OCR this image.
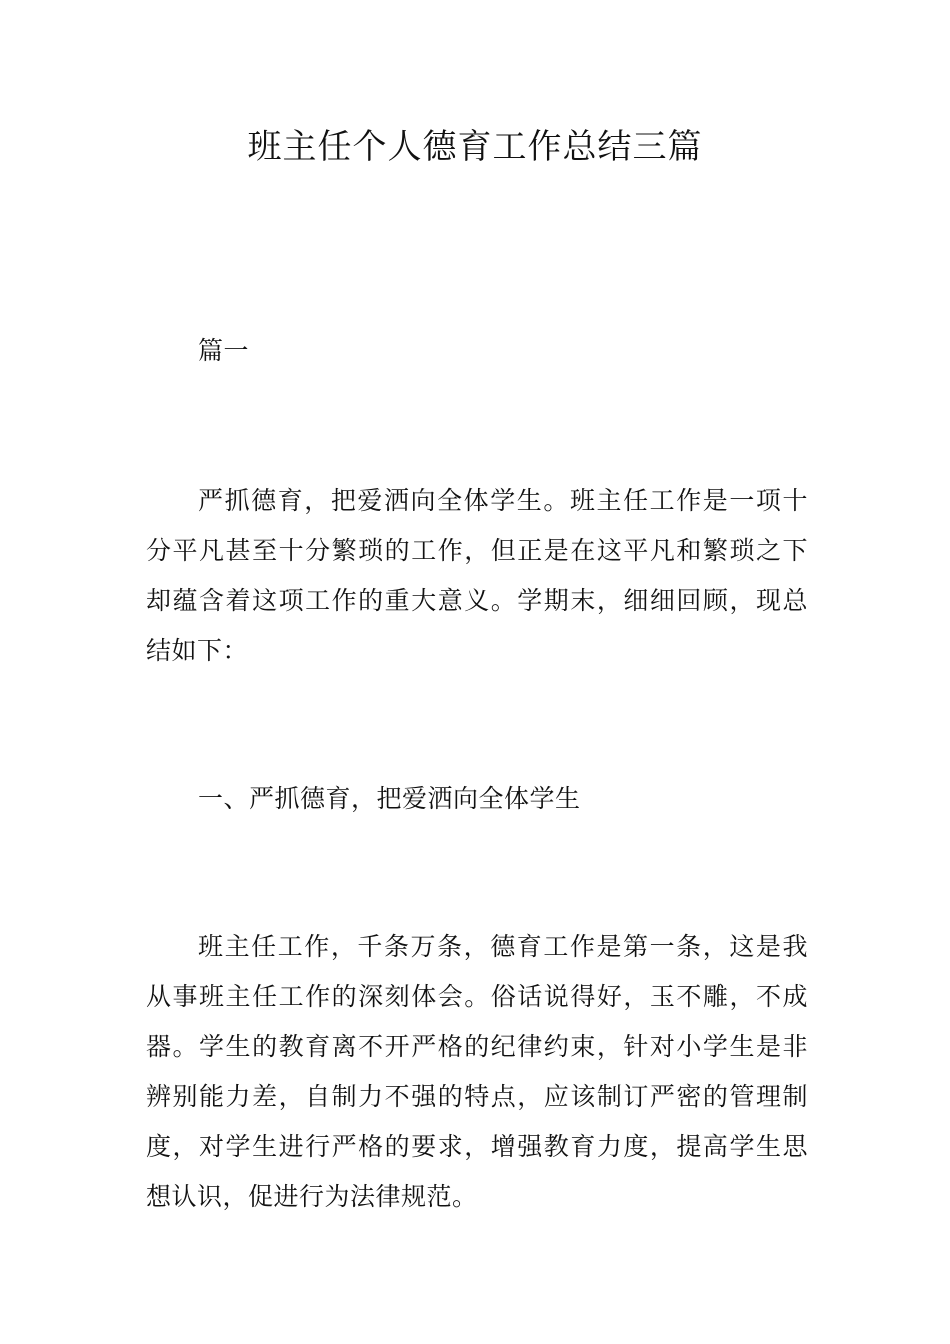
班主任个人德育工作总结三篇

篇一

严抓德育，把爱洒向全体学生。班主任工作是一项十分平凡甚至十分繁琐的工作，但正是在这平凡和繁琐之下却蕴含着这项工作的重大意义。学期末，细细回顾，现总结如下：

一、严抓德育，把爱洒向全体学生

班主任工作，千条万条，德育工作是第一条，这是我从事班主任工作的深刻体会。俗话说得好，玉不雕，不成器。学生的教育离不开严格的纪律约束，针对小学生是非辨别能力差，自制力不强的特点，应该制订严密的管理制度，对学生进行严格的要求，增强教育力度，提高学生思想认识，促进行为法律规范。
